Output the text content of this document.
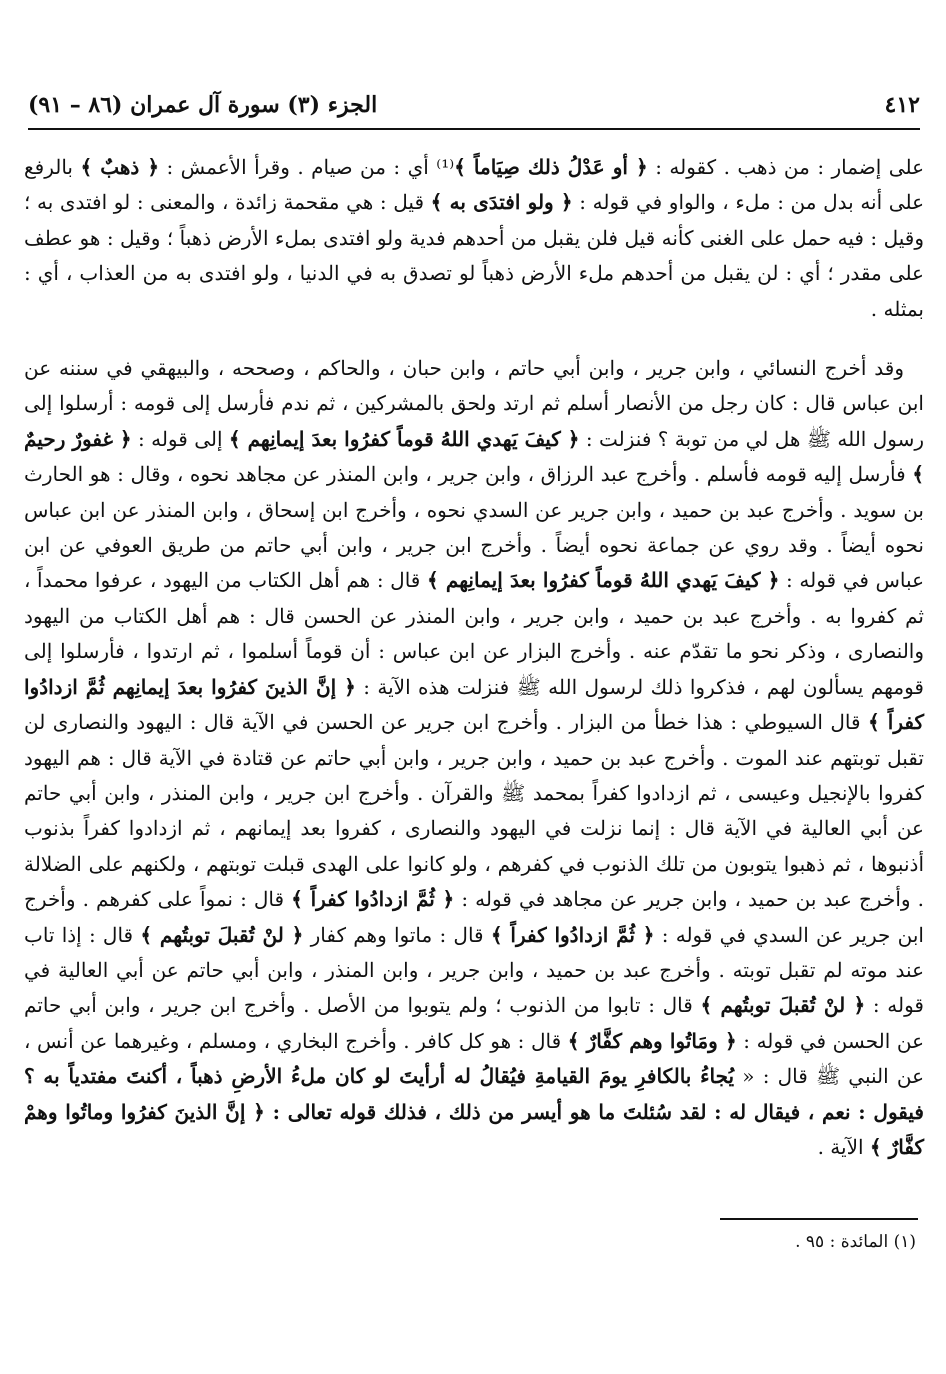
٤١٢
الجزء (٣) سورة آل عمران (٨٦ – ٩١)

على إضمار : من ذهب . كقوله : ﴿ أو عَدْلُ ذلك صِيَاماً ﴾⁽¹⁾ أي : من صيام . وقرأ الأعمش : ﴿ ذهبٌ ﴾ بالرفع على أنه بدل من : ملء ، والواو في قوله : ﴿ ولو افتدَى به ﴾ قيل : هي مقحمة زائدة ، والمعنى : لو افتدى به ؛ وقيل : فيه حمل على الغنى كأنه قيل فلن يقبل من أحدهم فدية ولو افتدى بملء الأرض ذهباً ؛ وقيل : هو عطف على مقدر ؛ أي : لن يقبل من أحدهم ملء الأرض ذهباً لو تصدق به في الدنيا ، ولو افتدى به من العذاب ، أي : بمثله .

وقد أخرج النسائي ، وابن جرير ، وابن أبي حاتم ، وابن حبان ، والحاكم ، وصححه ، والبيهقي في سننه عن ابن عباس قال : كان رجل من الأنصار أسلم ثم ارتد ولحق بالمشركين ، ثم ندم فأرسل إلى قومه : أرسلوا إلى رسول الله ﷺ هل لي من توبة ؟ فنزلت : ﴿ كيفَ يَهدي اللهُ قوماً كفرُوا بعدَ إيمانِهم ﴾ إلى قوله : ﴿ غفورٌ رحيمٌ ﴾ فأرسل إليه قومه فأسلم . وأخرج عبد الرزاق ، وابن جرير ، وابن المنذر عن مجاهد نحوه ، وقال : هو الحارث بن سويد . وأخرج عبد بن حميد ، وابن جرير عن السدي نحوه ، وأخرج ابن إسحاق ، وابن المنذر عن ابن عباس نحوه أيضاً . وقد روي عن جماعة نحوه أيضاً . وأخرج ابن جرير ، وابن أبي حاتم من طريق العوفي عن ابن عباس في قوله : ﴿ كيفَ يَهدي اللهُ قوماً كفرُوا بعدَ إيمانِهم ﴾ قال : هم أهل الكتاب من اليهود ، عرفوا محمداً ، ثم كفروا به . وأخرج عبد بن حميد ، وابن جرير ، وابن المنذر عن الحسن قال : هم أهل الكتاب من اليهود والنصارى ، وذكر نحو ما تقدّم عنه . وأخرج البزار عن ابن عباس : أن قوماً أسلموا ، ثم ارتدوا ، فأرسلوا إلى قومهم يسألون لهم ، فذكروا ذلك لرسول الله ﷺ فنزلت هذه الآية : ﴿ إنَّ الذينَ كفرُوا بعدَ إيمانِهم ثُمَّ ازدادُوا كفراً ﴾ قال السيوطي : هذا خطأ من البزار . وأخرج ابن جرير عن الحسن في الآية قال : اليهود والنصارى لن تقبل توبتهم عند الموت . وأخرج عبد بن حميد ، وابن جرير ، وابن أبي حاتم عن قتادة في الآية قال : هم اليهود كفروا بالإنجيل وعيسى ، ثم ازدادوا كفراً بمحمد ﷺ والقرآن . وأخرج ابن جرير ، وابن المنذر ، وابن أبي حاتم عن أبي العالية في الآية قال : إنما نزلت في اليهود والنصارى ، كفروا بعد إيمانهم ، ثم ازدادوا كفراً بذنوب أذنبوها ، ثم ذهبوا يتوبون من تلك الذنوب في كفرهم ، ولو كانوا على الهدى قبلت توبتهم ، ولكنهم على الضلالة . وأخرج عبد بن حميد ، وابن جرير عن مجاهد في قوله : ﴿ ثُمَّ ازدادُوا كفراً ﴾ قال : نمواً على كفرهم . وأخرج ابن جرير عن السدي في قوله : ﴿ ثُمَّ ازدادُوا كفراً ﴾ قال : ماتوا وهم كفار ﴿ لنْ تُقبلَ توبتُهم ﴾ قال : إذا تاب عند موته لم تقبل توبته . وأخرج عبد بن حميد ، وابن جرير ، وابن المنذر ، وابن أبي حاتم عن أبي العالية في قوله : ﴿ لنْ تُقبلَ توبتُهم ﴾ قال : تابوا من الذنوب ؛ ولم يتوبوا من الأصل . وأخرج ابن جرير ، وابن أبي حاتم عن الحسن في قوله : ﴿ ومَاتُوا وهم كفَّارٌ ﴾ قال : هو كل كافر . وأخرج البخاري ، ومسلم ، وغيرهما عن أنس ، عن النبي ﷺ قال : « يُجاءُ بالكافرِ يومَ القيامةِ فيُقالُ له أرأيتَ لو كان ملءُ الأرضِ ذهباً ، أكنتَ مفتدياً به ؟ فيقول : نعم ، فيقال له : لقد سُئلتَ ما هو أيسر من ذلك ، فذلك قوله تعالى : ﴿ إنَّ الذينَ كفرُوا وماتُوا وهمْ كفَّارٌ ﴾ الآية .

(١) المائدة : ٩٥ .
